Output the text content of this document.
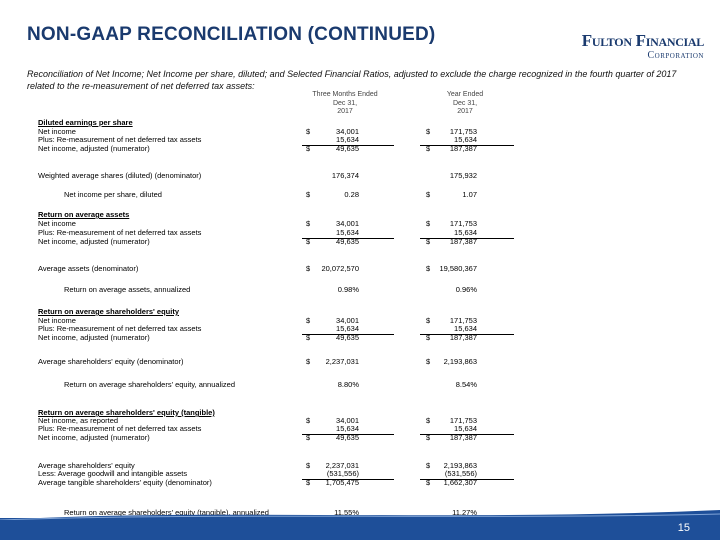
NON-GAAP RECONCILIATION (CONTINUED)	Fulton Financial
Corporation
Reconciliation of Net Income; Net Income per share, diluted; and Selected Financial Ratios, adjusted to exclude the charge recognized in the fourth quarter of 2017 related to the re-measurement of net deferred tax assets:
Three Months Ended
Dec 31,
2017
Year Ended
Dec 31,
2017
Diluted earnings per share
Net income	$	34,001	$	171,753
Plus: Re-measurement of net deferred tax assets	15,634	15,634
Net income, adjusted (numerator)	$	49,635	$	187,387
Weighted average shares (diluted) (denominator)	176,374	175,932
Net income per share, diluted	$	0.28	$	1.07
Return on average assets
Net income	$	34,001	$	171,753
Plus: Re-measurement of net deferred tax assets	15,634	15,634
Net income, adjusted (numerator)	$	49,635	$	187,387
Average assets (denominator)	$ 20,072,570	$ 19,580,367
Return on average assets, annualized	0.98%	0.96%
Return on average shareholders' equity
Net income	$	34,001	$	171,753
Plus: Re-measurement of net deferred tax assets	15,634	15,634
Net income, adjusted (numerator)	$	49,635	$	187,387
Average shareholders' equity (denominator)	$ 2,237,031	$ 2,193,863
Return on average shareholders' equity, annualized	8.80%	8.54%
Return on average shareholders' equity (tangible)
Net income, as reported	$	34,001	$	171,753
Plus: Re-measurement of net deferred tax assets	15,634	15,634
Net income, adjusted (numerator)	$	49,635	$	187,387
Average shareholders' equity	$ 2,237,031	$ 2,193,863
Less: Average goodwill and intangible assets	(531,556)	(531,556)
Average tangible shareholders' equity (denominator)	$ 1,705,475	$ 1,662,307
Return on average shareholders' equity (tangible), annualized	11.55%	11.27%
15
